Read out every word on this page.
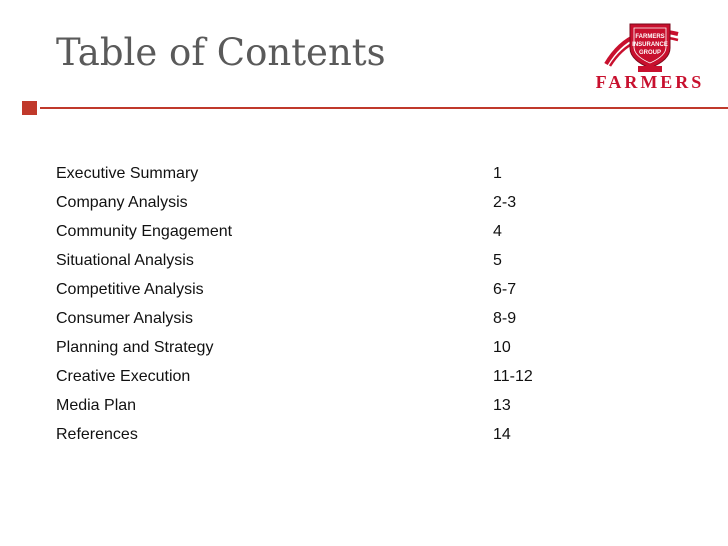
Table of Contents	FARMERS
INSURANCE
GROUP
FARMERS
Executive Summary	1
Company Analysis	2-3
Community Engagement	4
Situational Analysis	5
Competitive Analysis	6-7
Consumer Analysis	8-9
Planning and Strategy	10
Creative Execution	11-12
Media Plan	13
References	14
